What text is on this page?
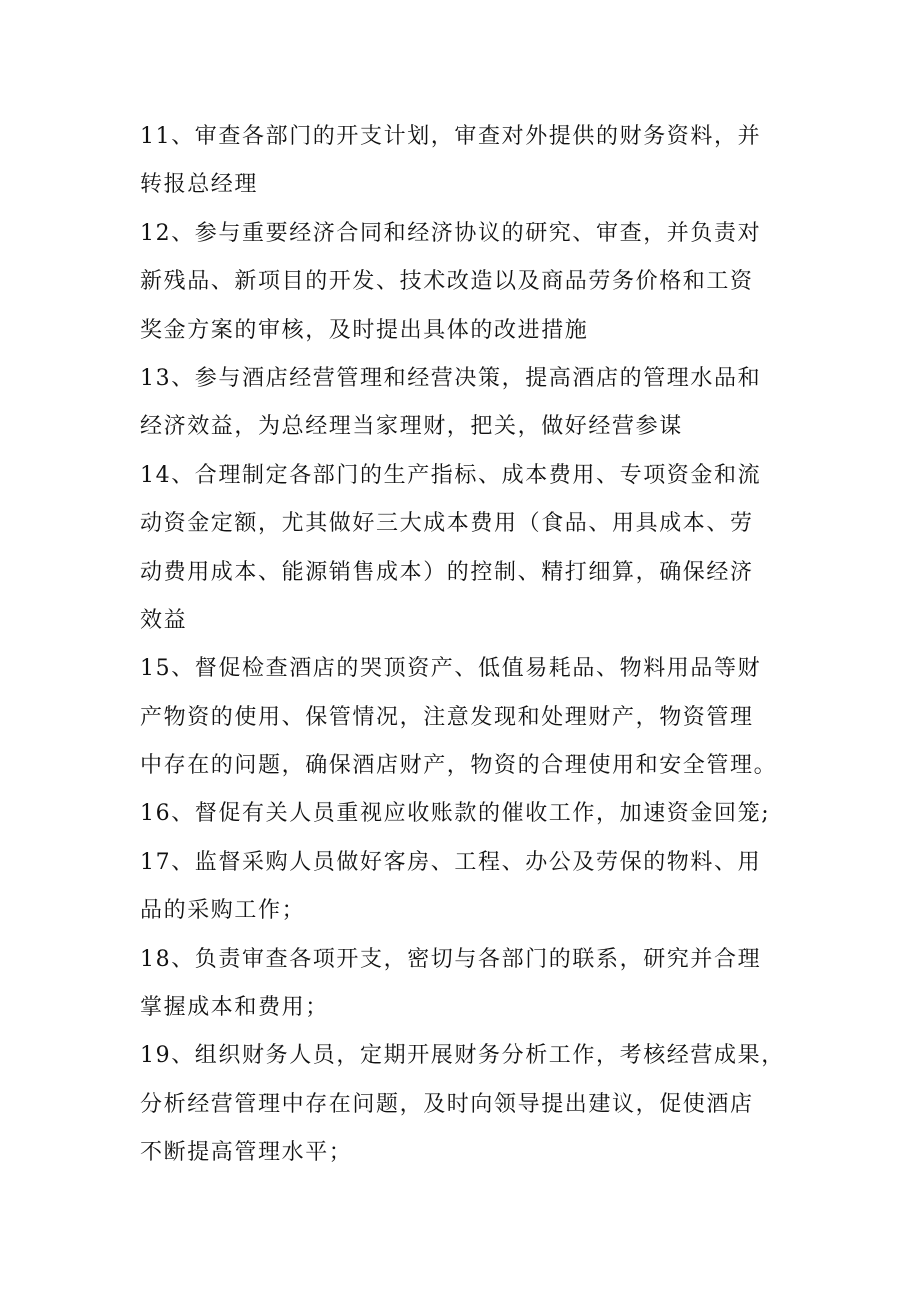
11、审查各部门的开支计划，审查对外提供的财务资料，并
转报总经理
12、参与重要经济合同和经济协议的研究、审查，并负责对
新残品、新项目的开发、技术改造以及商品劳务价格和工资
奖金方案的审核，及时提出具体的改进措施
13、参与酒店经营管理和经营决策，提高酒店的管理水品和
经济效益，为总经理当家理财，把关，做好经营参谋
14、合理制定各部门的生产指标、成本费用、专项资金和流
动资金定额，尤其做好三大成本费用（食品、用具成本、劳
动费用成本、能源销售成本）的控制、精打细算，确保经济
效益
15、督促检查酒店的哭顶资产、低值易耗品、物料用品等财
产物资的使用、保管情况，注意发现和处理财产，物资管理
中存在的问题，确保酒店财产，物资的合理使用和安全管理。
16、督促有关人员重视应收账款的催收工作，加速资金回笼;
17、监督采购人员做好客房、工程、办公及劳保的物料、用
品的采购工作；
18、负责审查各项开支，密切与各部门的联系，研究并合理
掌握成本和费用；
19、组织财务人员，定期开展财务分析工作，考核经营成果，
分析经营管理中存在问题，及时向领导提出建议，促使酒店
不断提高管理水平；
